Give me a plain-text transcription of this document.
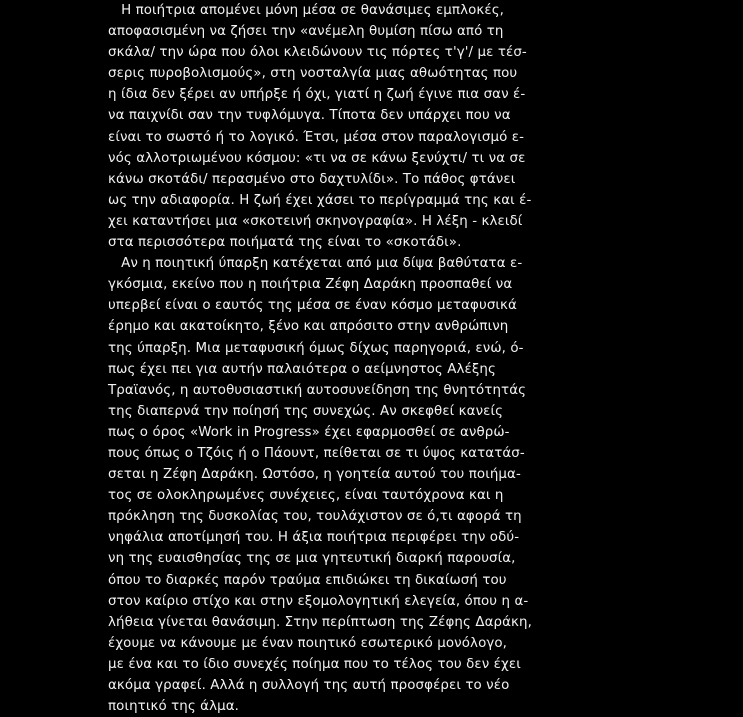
Η ποιήτρια απομένει μόνη μέσα σε θανάσιμες εμπλοκές,
αποφασισμένη να ζήσει την «ανέμελη θυμίση πίσω από τη
σκάλα/ την ώρα που όλοι κλειδώνουν τις πόρτες τ'γ'/ με τέσ-
σερις πυροβολισμούς», στη νοσταλγία μιας αθωότητας που
η ίδια δεν ξέρει αν υπήρξε ή όχι, γιατί η ζωή έγινε πια σαν έ-
να παιχνίδι σαν την τυφλόμυγα. Τίποτα δεν υπάρχει που να
είναι το σωστό ή το λογικό. Έτσι, μέσα στον παραλογισμό ε-
νός αλλοτριωμένου κόσμου: «τι να σε κάνω ξενύχτι/ τι να σε
κάνω σκοτάδι/ περασμένο στο δαχτυλίδι». Το πάθος φτάνει
ως την αδιαφορία. Η ζωή έχει χάσει το περίγραμμά της και έ-
χει καταντήσει μια «σκοτεινή σκηνογραφία». Η λέξη - κλειδί
στα περισσότερα ποιήματά της είναι το «σκοτάδι».
Αν η ποιητική ύπαρξη κατέχεται από μια δίψα βαθύτατα ε-
γκόσμια, εκείνο που η ποιήτρια Ζέφη Δαράκη προσπαθεί να
υπερβεί είναι ο εαυτός της μέσα σε έναν κόσμο μεταφυσικά
έρημο και ακατοίκητο, ξένο και απρόσιτο στην ανθρώπινη
της ύπαρξη. Μια μεταφυσική όμως δίχως παρηγοριά, ενώ, ό-
πως έχει πει για αυτήν παλαιότερα ο αείμνηστος Αλέξης
Τραϊανός, η αυτοθυσιαστική αυτοσυνείδηση της θνητότητάς
της διαπερνά την ποίησή της συνεχώς. Αν σκεφθεί κανείς
πως ο όρος «Work in Progress» έχει εφαρμοσθεί σε ανθρώ-
πους όπως ο Τζόις ή ο Πάουντ, πείθεται σε τι ύψος κατατάσ-
σεται η Ζέφη Δαράκη. Ωστόσο, η γοητεία αυτού του ποιήμα-
τος σε ολοκληρωμένες συνέχειες, είναι ταυτόχρονα και η
πρόκληση της δυσκολίας του, τουλάχιστον σε ό,τι αφορά τη
νηφάλια αποτίμησή του. Η άξια ποιήτρια περιφέρει την οδύ-
νη της ευαισθησίας της σε μια γητευτική διαρκή παρουσία,
όπου το διαρκές παρόν τραύμα επιδιώκει τη δικαίωσή του
στον καίριο στίχο και στην εξομολογητική ελεγεία, όπου η α-
λήθεια γίνεται θανάσιμη. Στην περίπτωση της Ζέφης Δαράκη,
έχουμε να κάνουμε με έναν ποιητικό εσωτερικό μονόλογο,
με ένα και το ίδιο συνεχές ποίημα που το τέλος του δεν έχει
ακόμα γραφεί. Αλλά η συλλογή της αυτή προσφέρει το νέο
ποιητικό της άλμα.
